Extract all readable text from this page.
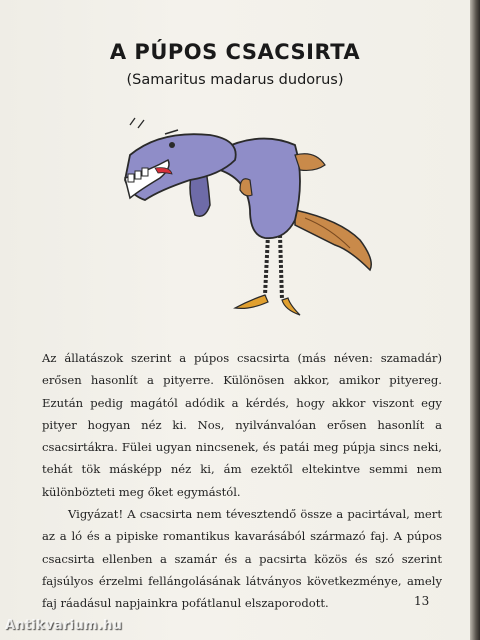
A PÚPOS CSACSIRTA
(Samaritus madarus dudorus)

Az állatászok szerint a púpos csacsirta (más néven: szamadár) erősen hasonlít a pityerre. Különösen akkor, amikor pityereg. Ezután pedig magától adódik a kérdés, hogy akkor viszont egy pityer hogyan néz ki. Nos, nyilvánvalóan erősen hasonlít a csacsirtákra. Fülei ugyan nincsenek, és patái meg púpja sincs neki, tehát tök másképp néz ki, ám ezektől eltekintve semmi nem különbözteti meg őket egymástól.

Vigyázat! A csacsirta nem tévesztendő össze a pacirtával, mert az a ló és a pipiske romantikus kavarásából származó faj. A púpos csacsirta ellenben a szamár és a pacsirta közös és szó szerint fajsúlyos érzelmi fellángolásának látványos következménye, amely faj ráadásul napjainkra pofátlanul elszaporodott.	13
Antikvarium.hu
